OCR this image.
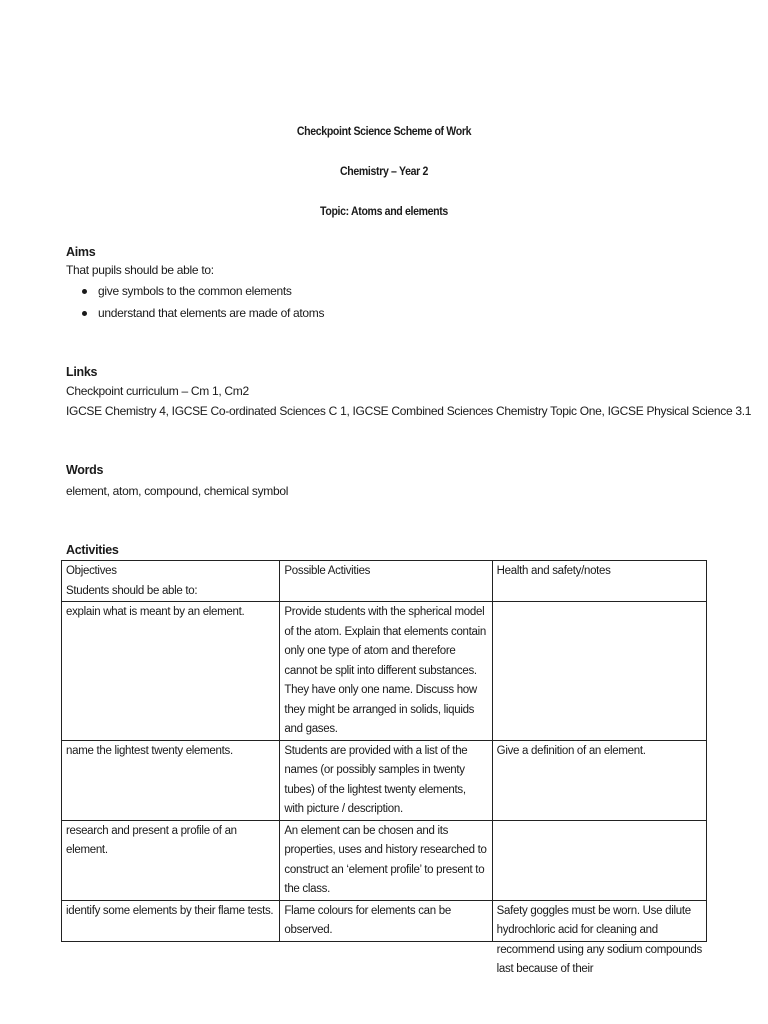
Checkpoint Science Scheme of Work
Chemistry – Year 2
Topic: Atoms and elements
Aims
That pupils should be able to:
give symbols to the common elements
understand that elements are made of atoms
Links
Checkpoint curriculum – Cm 1, Cm2
IGCSE Chemistry 4, IGCSE Co-ordinated Sciences C 1, IGCSE Combined Sciences Chemistry Topic One, IGCSE Physical Science 3.1
Words
element, atom, compound, chemical symbol
Activities
Objectives
Students should be able to:	Possible Activities	Health and safety/notes
explain what is meant by an element.	Provide students with the spherical model of the atom. Explain that elements contain only one type of atom and therefore cannot be split into different substances. They have only one name. Discuss how they might be arranged in solids, liquids and gases.	
name the lightest twenty elements.	Students are provided with a list of the names (or possibly samples in twenty tubes) of the lightest twenty elements, with picture / description.	Give a definition of an element.
research and present a profile of an element.	An element can be chosen and its properties, uses and history researched to construct an ‘element profile’ to present to the class.	
identify some elements by their flame tests.	Flame colours for elements can be observed.	Safety goggles must be worn. Use dilute hydrochloric acid for cleaning and recommend using any sodium compounds last because of their
